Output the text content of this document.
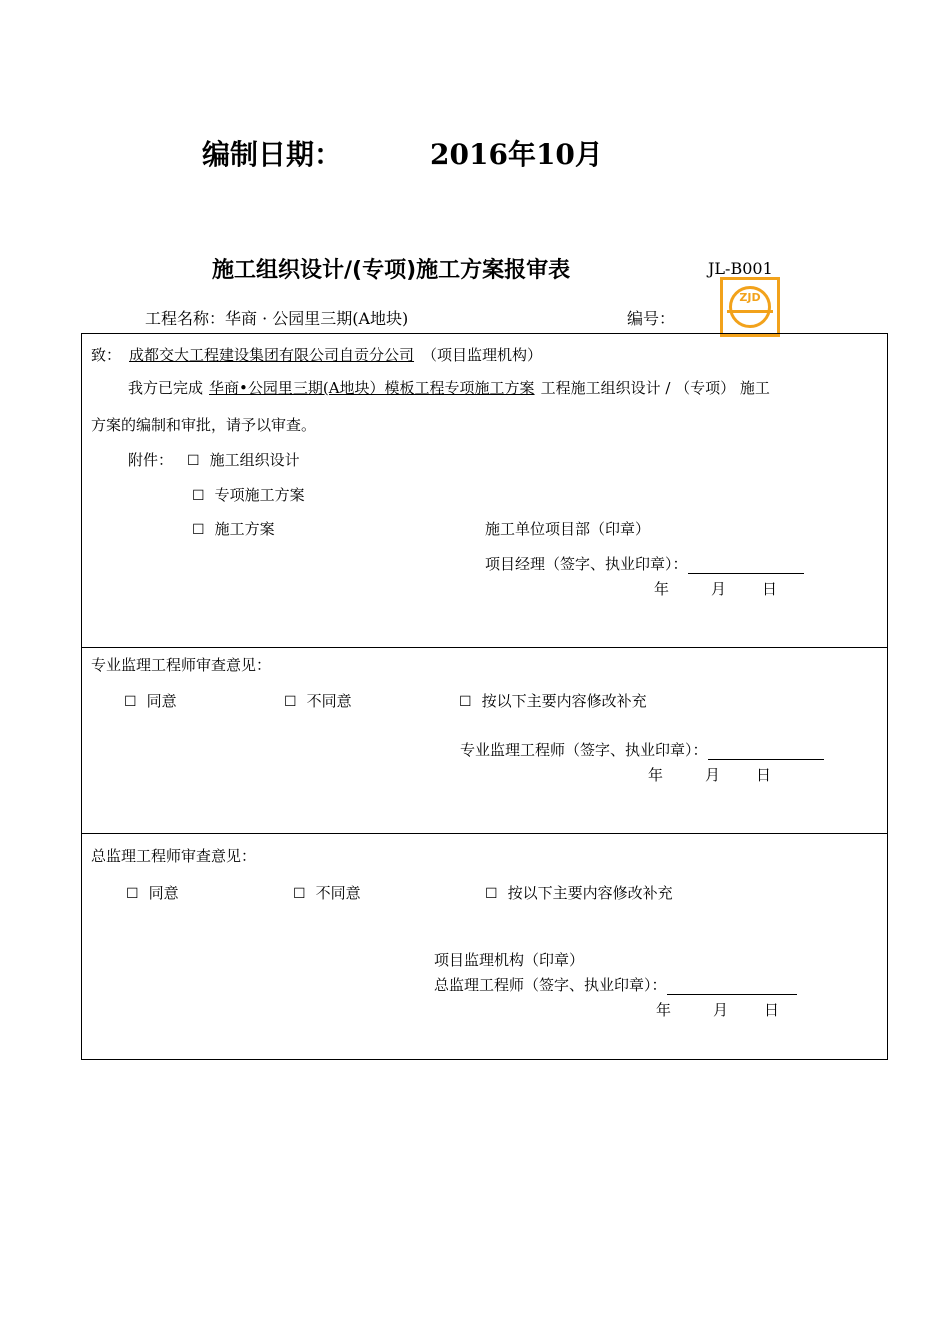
编制日期：	2016年10月
施工组织设计/(专项)施工方案报审表	JL-B001
工程名称：华商 · 公园里三期(A地块)	编号：
ZJD
致： 成都交大工程建设集团有限公司自贡分公司 （项目监理机构）
我方已完成 华商•公园里三期(A地块）模板工程专项施工方案 工程施工组织设计 / （专项） 施工
方案的编制和审批，请予以审查。
附件： ☐ 施工组织设计
☐ 专项施工方案
☐ 施工方案	施工单位项目部（印章）
项目经理（签字、执业印章）：
年	月 日
专业监理工程师审查意见：
☐ 同意	☐ 不同意	☐ 按以下主要内容修改补充
专业监理工程师（签字、执业印章）：
年	月 日
总监理工程师审查意见：
☐ 同意	☐ 不同意	☐ 按以下主要内容修改补充
项目监理机构（印章）
总监理工程师（签字、执业印章）：
年	月 日
